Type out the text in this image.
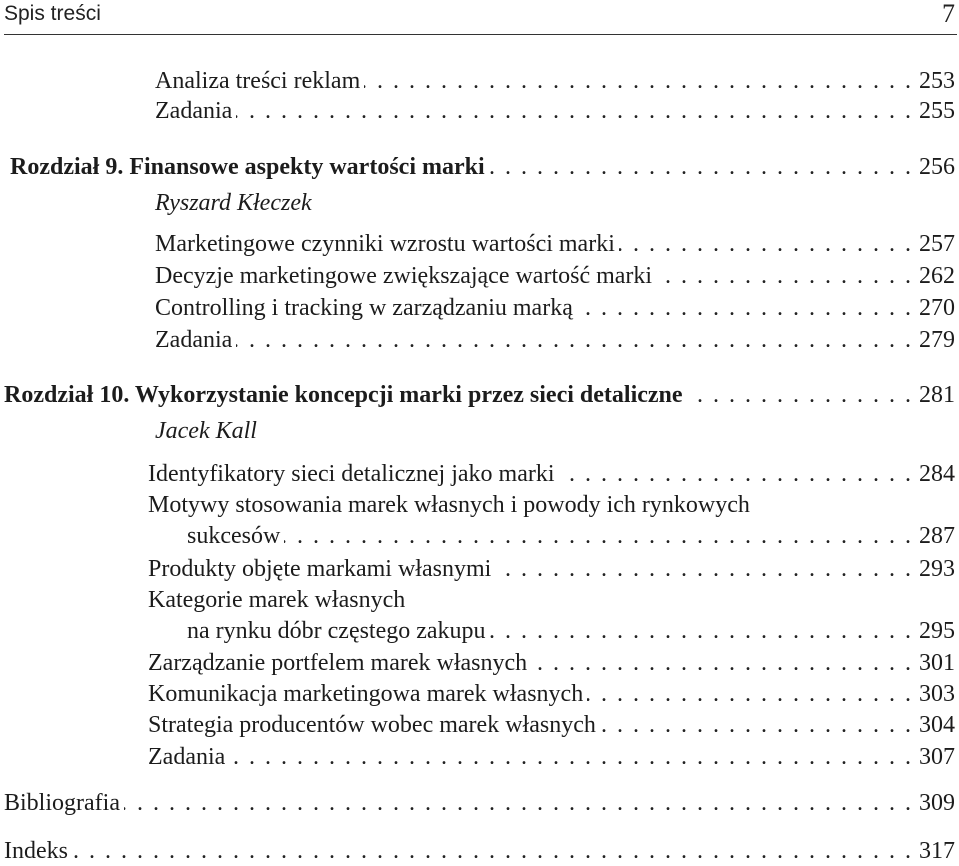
Spis treści	7
Analiza treści reklam . . .	253
Zadania . . .	255
Rozdział 9. Finansowe aspekty wartości marki . . .	256
Ryszard Kłeczek
Marketingowe czynniki wzrostu wartości marki . . .	257
Decyzje marketingowe zwiększające wartość marki . . .	262
Controlling i tracking w zarządzaniu marką . . .	270
Zadania . . .	279
Rozdział 10. Wykorzystanie koncepcji marki przez sieci detaliczne . . .	281
Jacek Kall
Identyfikatory sieci detalicznej jako marki . . .	284
Motywy stosowania marek własnych i powody ich rynkowych
sukcesów . . .	287
Produkty objęte markami własnymi . . .	293
Kategorie marek własnych
na rynku dóbr częstego zakupu . . .	295
Zarządzanie portfelem marek własnych . . .	301
Komunikacja marketingowa marek własnych . . .	303
Strategia producentów wobec marek własnych . . .	304
Zadania . . .	307
Bibliografia . . .	309
Indeks . . .	317
